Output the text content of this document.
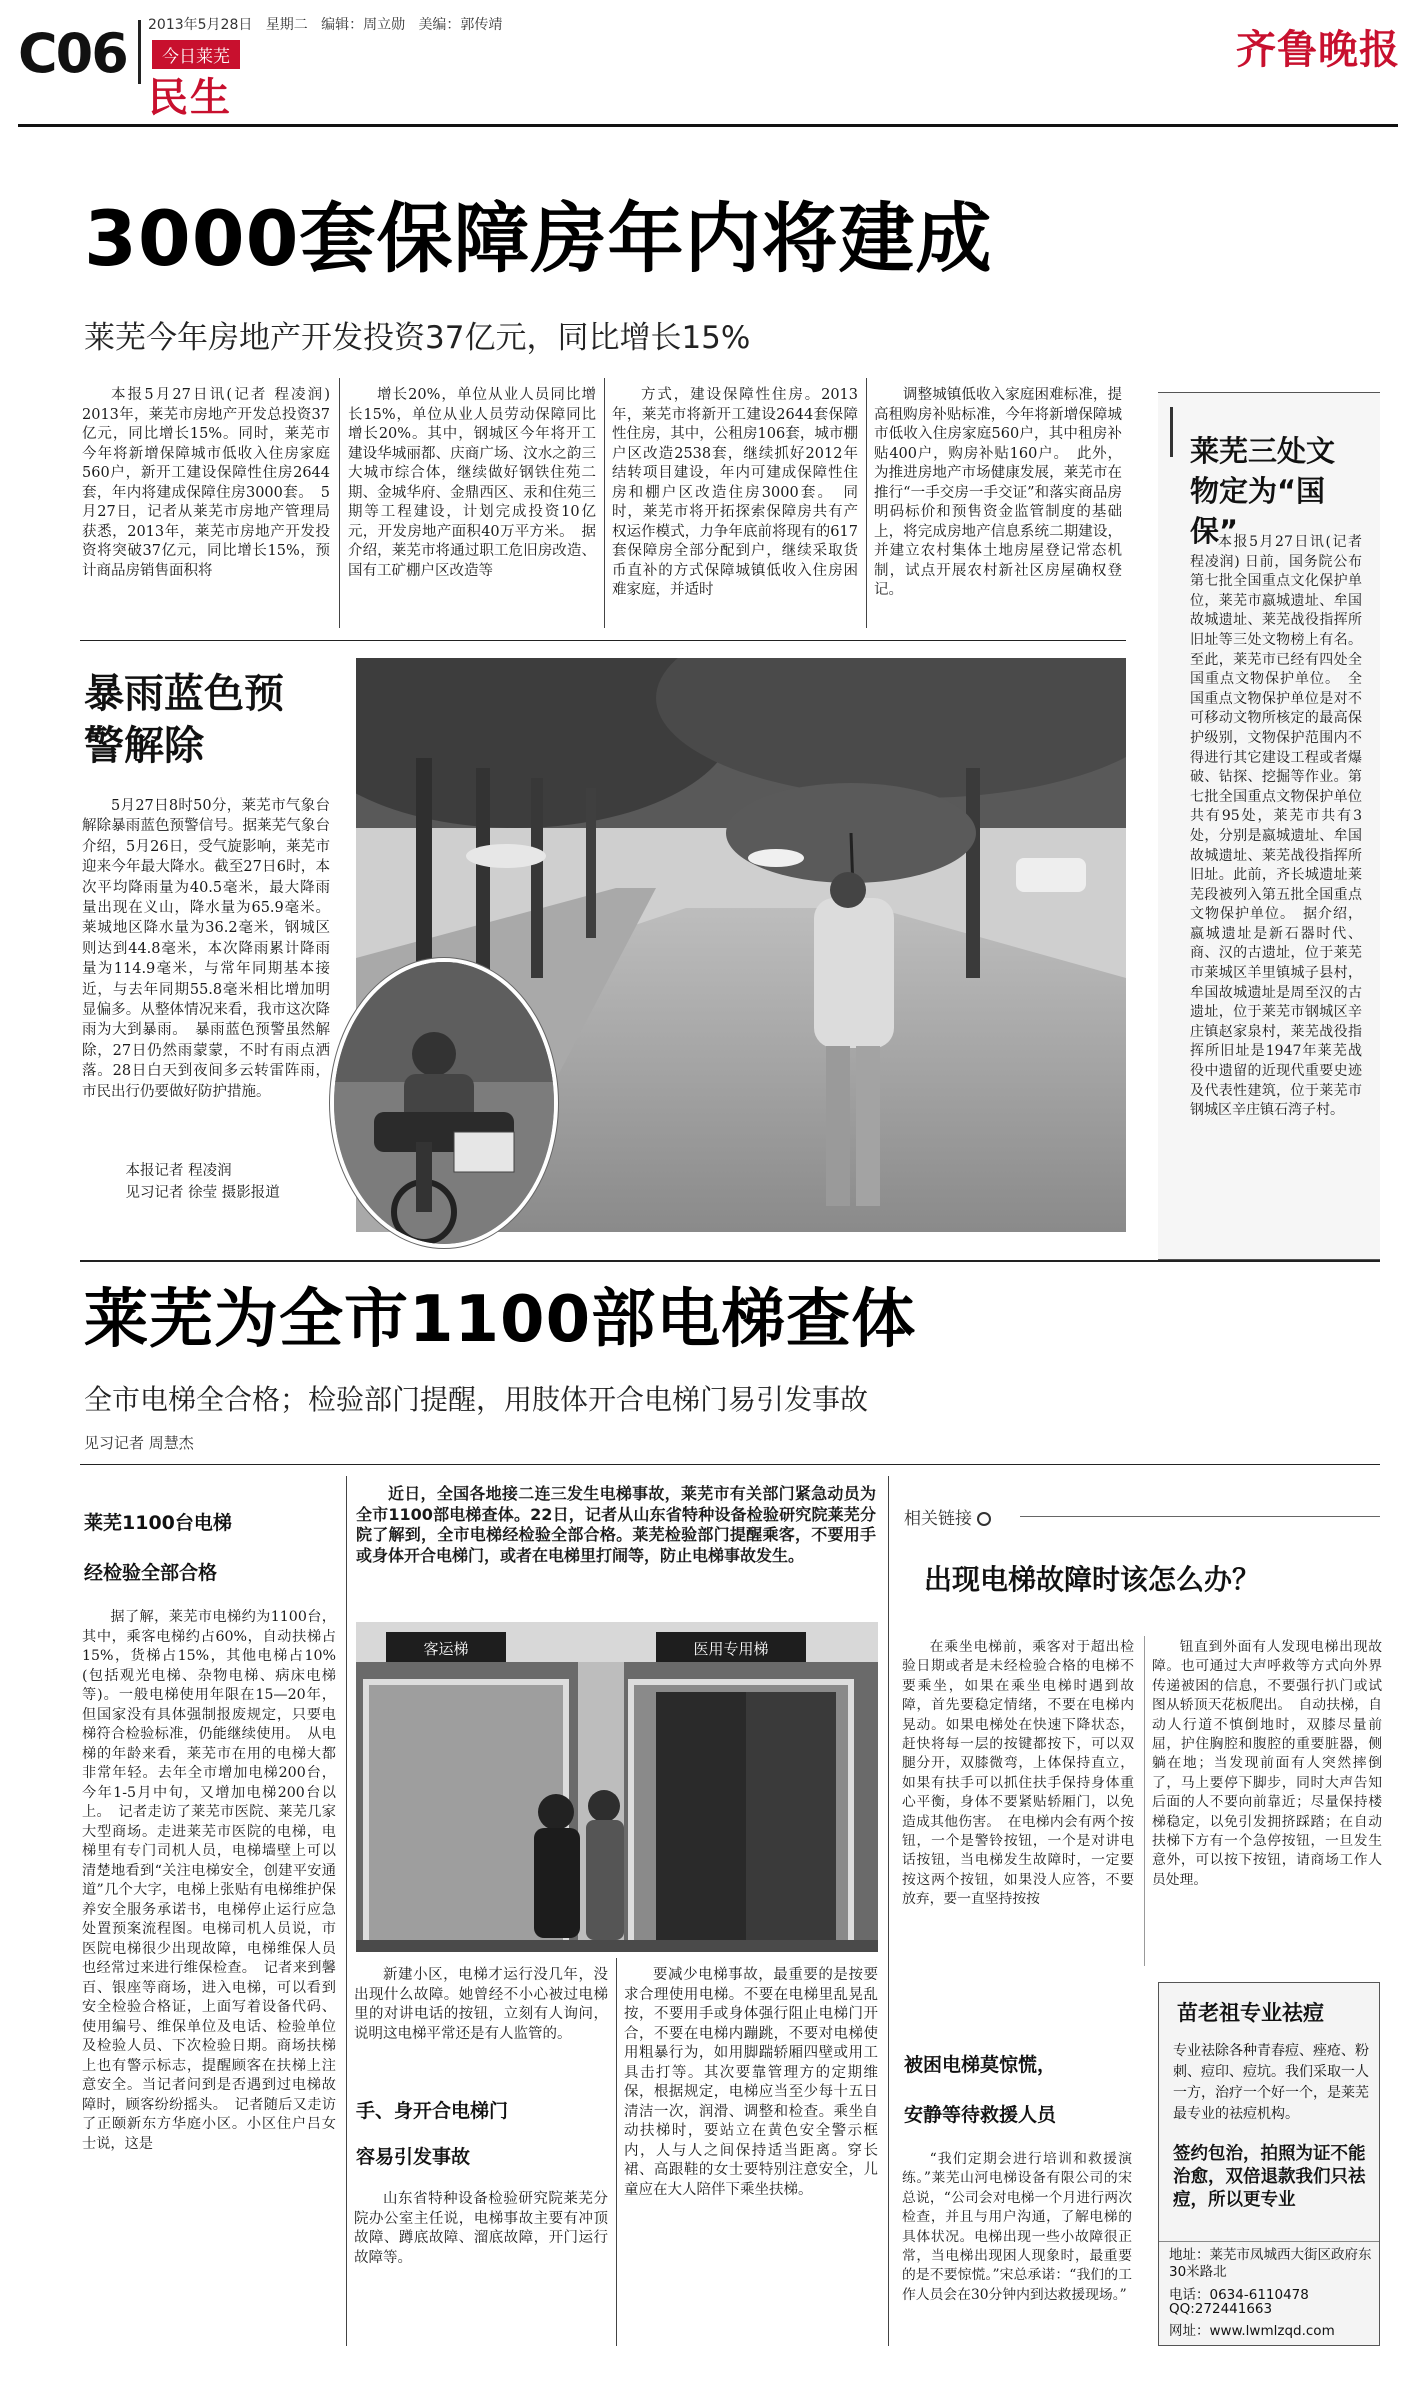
C06 2013年5月28日 星期二 编辑：周立勋 美编：郭传靖
今日莱芜
民生
齐鲁晚报
3000套保障房年内将建成
莱芜今年房地产开发投资37亿元，同比增长15%
本报5月27日讯(记者 程凌润) 2013年，莱芜市房地产开发总投资37亿元，同比增长15%。同时，莱芜市今年将新增保障城市低收入住房家庭560户，新开工建设保障性住房2644套，年内将建成保障住房3000套。　5月27日，记者从莱芜市房地产管理局获悉，2013年，莱芜市房地产开发投资将突破37亿元，同比增长15%，预计商品房销售面积将
增长20%，单位从业人员同比增长15%，单位从业人员劳动保障同比增长20%。其中，钢城区今年将开工建设华城丽都、庆商广场、汶水之韵三大城市综合体，继续做好钢铁住苑二期、金城华府、金鼎西区、汞和住苑三期等工程建设，计划完成投资10亿元，开发房地产面积40万平方米。　据介绍，莱芜市将通过职工危旧房改造、国有工矿棚户区改造等
方式，建设保障性住房。2013年，莱芜市将新开工建设2644套保障性住房，其中，公租房106套，城市棚户区改造2538套，继续抓好2012年结转项目建设，年内可建成保障性住房和棚户区改造住房3000套。　同时，莱芜市将开拓探索保障房共有产权运作模式，力争年底前将现有的617套保障房全部分配到户，继续采取货币直补的方式保障城镇低收入住房困难家庭，并适时
调整城镇低收入家庭困难标准，提高租购房补贴标准，今年将新增保障城市低收入住房家庭560户，其中租房补贴400户，购房补贴160户。　此外，为推进房地产市场健康发展，莱芜市在推行“一手交房一手交证”和落实商品房明码标价和预售资金监管制度的基础上，将完成房地产信息系统二期建设，并建立农村集体土地房屋登记常态机制，试点开展农村新社区房屋确权登记。
莱芜三处文物定为“国保”
本报5月27日讯(记者 程凌润) 日前，国务院公布第七批全国重点文化保护单位，莱芜市嬴城遗址、牟国故城遗址、莱芜战役指挥所旧址等三处文物榜上有名。至此，莱芜市已经有四处全国重点文物保护单位。　全国重点文物保护单位是对不可移动文物所核定的最高保护级别，文物保护范围内不得进行其它建设工程或者爆破、钻探、挖掘等作业。第七批全国重点文物保护单位共有95处，莱芜市共有3处，分别是嬴城遗址、牟国故城遗址、莱芜战役指挥所旧址。此前，齐长城遗址莱芜段被列入第五批全国重点文物保护单位。　据介绍，嬴城遗址是新石器时代、商、汉的古遗址，位于莱芜市莱城区羊里镇城子县村，牟国故城遗址是周至汉的古遗址，位于莱芜市钢城区辛庄镇赵家泉村，莱芜战役指挥所旧址是1947年莱芜战役中遗留的近现代重要史迹及代表性建筑，位于莱芜市钢城区辛庄镇石湾子村。
暴雨蓝色预警解除
5月27日8时50分，莱芜市气象台解除暴雨蓝色预警信号。据莱芜气象台介绍，5月26日，受气旋影响，莱芜市迎来今年最大降水。截至27日6时，本次平均降雨量为40.5毫米，最大降雨量出现在义山，降水量为65.9毫米。莱城地区降水量为36.2毫米，钢城区则达到44.8毫米，本次降雨累计降雨量为114.9毫米，与常年同期基本接近，与去年同期55.8毫米相比增加明显偏多。从整体情况来看，我市这次降雨为大到暴雨。　暴雨蓝色预警虽然解除，27日仍然雨蒙蒙，不时有雨点洒落。28日白天到夜间多云转雷阵雨，市民出行仍要做好防护措施。
本报记者 程凌润
见习记者 徐莹 摄影报道
莱芜为全市1100部电梯查体
全市电梯全合格；检验部门提醒，用肢体开合电梯门易引发事故
见习记者 周慧杰
莱芜1100台电梯
经检验全部合格
据了解，莱芜市电梯约为1100台，其中，乘客电梯约占60%，自动扶梯占15%，货梯占15%，其他电梯占10%(包括观光电梯、杂物电梯、病床电梯等)。一般电梯使用年限在15—20年，但国家没有具体强制报废规定，只要电梯符合检验标准，仍能继续使用。　从电梯的年龄来看，莱芜市在用的电梯大都非常年轻。去年全市增加电梯200台，今年1-5月中旬，又增加电梯200台以上。　记者走访了莱芜市医院、莱芜几家大型商场。走进莱芜市医院的电梯，电梯里有专门司机人员，电梯墙壁上可以清楚地看到“关注电梯安全，创建平安通道”几个大字，电梯上张贴有电梯维护保养安全服务承诺书，电梯停止运行应急处置预案流程图。电梯司机人员说，市医院电梯很少出现故障，电梯维保人员也经常过来进行维保检查。　记者来到馨百、银座等商场，进入电梯，可以看到安全检验合格证，上面写着设备代码、使用编号、维保单位及电话、检验单位及检验人员、下次检验日期。商场扶梯上也有警示标志，提醒顾客在扶梯上注意安全。当记者问到是否遇到过电梯故障时，顾客纷纷摇头。　记者随后又走访了正颐新东方华庭小区。小区住户吕女士说，这是
近日，全国各地接二连三发生电梯事故，莱芜市有关部门紧急动员为全市1100部电梯查体。22日，记者从山东省特种设备检验研究院莱芜分院了解到，全市电梯经检验全部合格。莱芜检验部门提醒乘客，不要用手或身体开合电梯门，或者在电梯里打闹等，防止电梯事故发生。
客运梯	医用专用梯
新建小区，电梯才运行没几年，没出现什么故障。她曾经不小心被过电梯里的对讲电话的按钮，立刻有人询问，说明这电梯平常还是有人监管的。
手、身开合电梯门
容易引发事故
山东省特种设备检验研究院莱芜分院办公室主任说，电梯事故主要有冲顶故障、蹲底故障、溜底故障，开门运行故障等。
要减少电梯事故，最重要的是按要求合理使用电梯。不要在电梯里乱晃乱按，不要用手或身体强行阻止电梯门开合，不要在电梯内蹦跳，不要对电梯使用粗暴行为，如用脚踹轿厢四壁或用工具击打等。其次要靠管理方的定期维保，根据规定，电梯应当至少每十五日清洁一次，润滑、调整和检查。乘坐自动扶梯时，要站立在黄色安全警示框内，人与人之间保持适当距离。穿长裙、高跟鞋的女士要特别注意安全，儿童应在大人陪伴下乘坐扶梯。
相关链接
出现电梯故障时该怎么办？
在乘坐电梯前，乘客对于超出检验日期或者是未经检验合格的电梯不要乘坐，如果在乘坐电梯时遇到故障，首先要稳定情绪，不要在电梯内晃动。如果电梯处在快速下降状态，赶快将每一层的按键都按下，可以双腿分开，双膝微弯，上体保持直立，如果有扶手可以抓住扶手保持身体重心平衡，身体不要紧贴轿厢门，以免造成其他伤害。　在电梯内会有两个按钮，一个是警铃按钮，一个是对讲电话按钮，当电梯发生故障时，一定要按这两个按钮，如果没人应答，不要放弃，要一直坚持按按
钮直到外面有人发现电梯出现故障。也可通过大声呼救等方式向外界传递被困的信息，不要强行扒门或试图从轿顶天花板爬出。　自动扶梯，自动人行道不慎倒地时，双膝尽量前屈，护住胸腔和腹腔的重要脏器，侧躺在地；当发现前面有人突然摔倒了，马上要停下脚步，同时大声告知后面的人不要向前靠近；尽量保持楼梯稳定，以免引发拥挤踩踏；在自动扶梯下方有一个急停按钮，一旦发生意外，可以按下按钮，请商场工作人员处理。
被困电梯莫惊慌，
安静等待救援人员
“我们定期会进行培训和救援演练。”莱芜山河电梯设备有限公司的宋总说，“公司会对电梯一个月进行两次检查，并且与用户沟通，了解电梯的具体状况。电梯出现一些小故障很正常，当电梯出现困人现象时，最重要的是不要惊慌。”宋总承诺：“我们的工作人员会在30分钟内到达救援现场。”
苗老祖专业祛痘
专业祛除各种青春痘、痤疮、粉刺、痘印、痘坑。我们采取一人一方，治疗一个好一个，是莱芜最专业的祛痘机构。
签约包治，拍照为证不能治愈，双倍退款我们只祛痘，所以更专业
地址：莱芜市凤城西大街区政府东30米路北
电话：0634-6110478
QQ:272441663
网址：www.lwmlzqd.com
